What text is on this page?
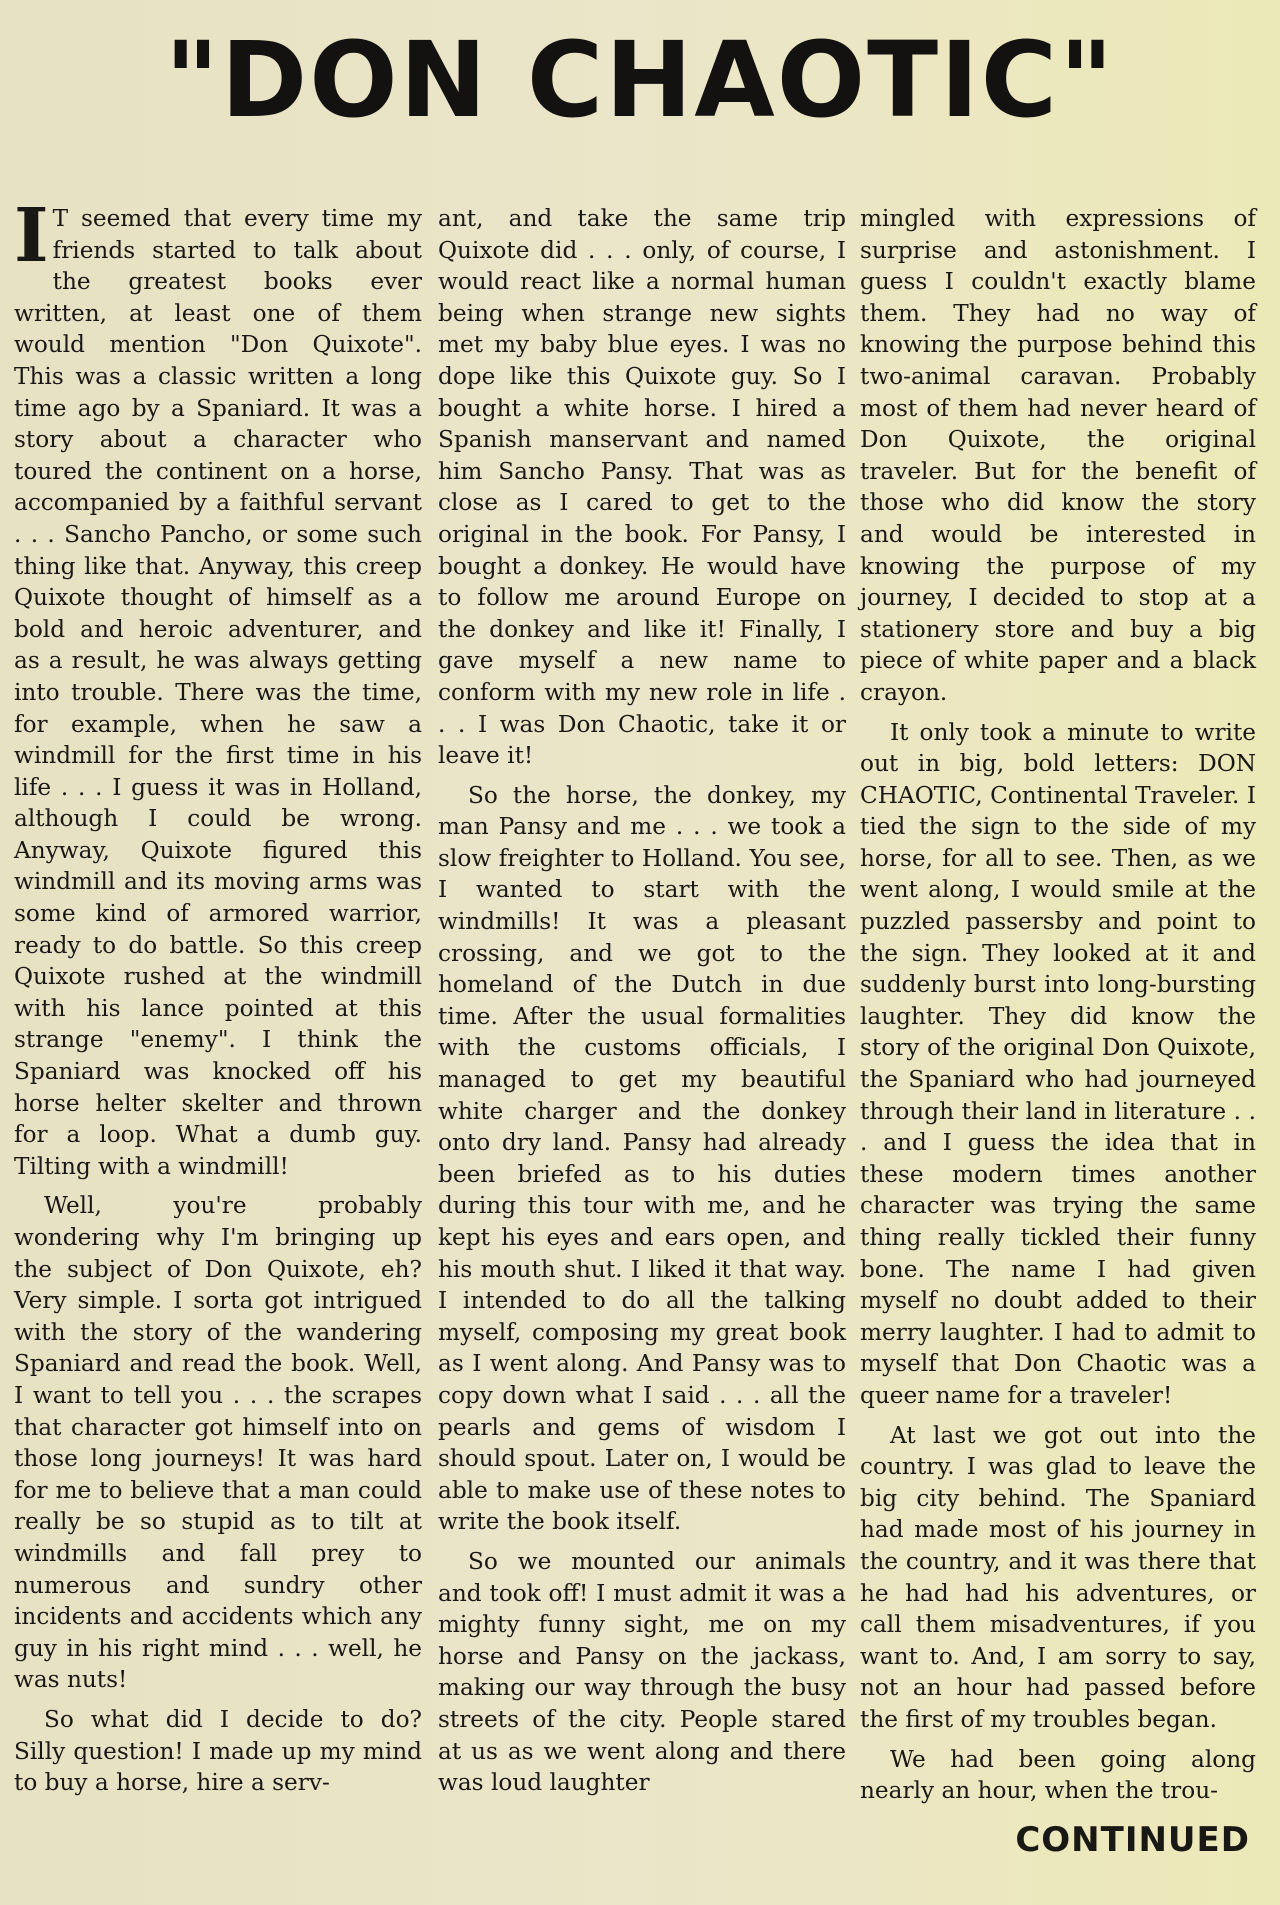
"DON CHAOTIC"

I T seemed that every time my friends started to talk about the greatest books ever written, at least one of them would mention "Don Quixote". This was a classic written a long time ago by a Spaniard. It was a story about a character who toured the continent on a horse, accompanied by a faithful servant . . . Sancho Pancho, or some such thing like that. Anyway, this creep Quixote thought of himself as a bold and heroic adventurer, and as a result, he was always getting into trouble. There was the time, for example, when he saw a windmill for the first time in his life . . . I guess it was in Holland, although I could be wrong. Anyway, Quixote figured this windmill and its moving arms was some kind of armored warrior, ready to do battle. So this creep Quixote rushed at the windmill with his lance pointed at this strange "enemy". I think the Spaniard was knocked off his horse helter skelter and thrown for a loop. What a dumb guy. Tilting with a windmill!

Well, you're probably wondering why I'm bringing up the subject of Don Quixote, eh? Very simple. I sorta got intrigued with the story of the wandering Spaniard and read the book. Well, I want to tell you . . . the scrapes that character got himself into on those long journeys! It was hard for me to believe that a man could really be so stupid as to tilt at windmills and fall prey to numerous and sundry other incidents and accidents which any guy in his right mind . . . well, he was nuts!

So what did I decide to do? Silly question! I made up my mind to buy a horse, hire a serv-

ant, and take the same trip Quixote did . . . only, of course, I would react like a normal human being when strange new sights met my baby blue eyes. I was no dope like this Quixote guy. So I bought a white horse. I hired a Spanish manservant and named him Sancho Pansy. That was as close as I cared to get to the original in the book. For Pansy, I bought a donkey. He would have to follow me around Europe on the donkey and like it! Finally, I gave myself a new name to conform with my new role in life . . . I was Don Chaotic, take it or leave it!

So the horse, the donkey, my man Pansy and me . . . we took a slow freighter to Holland. You see, I wanted to start with the windmills! It was a pleasant crossing, and we got to the homeland of the Dutch in due time. After the usual formalities with the customs officials, I managed to get my beautiful white charger and the donkey onto dry land. Pansy had already been briefed as to his duties during this tour with me, and he kept his eyes and ears open, and his mouth shut. I liked it that way. I intended to do all the talking myself, composing my great book as I went along. And Pansy was to copy down what I said . . . all the pearls and gems of wisdom I should spout. Later on, I would be able to make use of these notes to write the book itself.

So we mounted our animals and took off! I must admit it was a mighty funny sight, me on my horse and Pansy on the jackass, making our way through the busy streets of the city. People stared at us as we went along and there was loud laughter

mingled with expressions of surprise and astonishment. I guess I couldn't exactly blame them. They had no way of knowing the purpose behind this two-animal caravan. Probably most of them had never heard of Don Quixote, the original traveler. But for the benefit of those who did know the story and would be interested in knowing the purpose of my journey, I decided to stop at a stationery store and buy a big piece of white paper and a black crayon.

It only took a minute to write out in big, bold letters: DON CHAOTIC, Continental Traveler. I tied the sign to the side of my horse, for all to see. Then, as we went along, I would smile at the puzzled passersby and point to the sign. They looked at it and suddenly burst into long-bursting laughter. They did know the story of the original Don Quixote, the Spaniard who had journeyed through their land in literature . . . and I guess the idea that in these modern times another character was trying the same thing really tickled their funny bone. The name I had given myself no doubt added to their merry laughter. I had to admit to myself that Don Chaotic was a queer name for a traveler!

At last we got out into the country. I was glad to leave the big city behind. The Spaniard had made most of his journey in the country, and it was there that he had had his adventures, or call them misadventures, if you want to. And, I am sorry to say, not an hour had passed before the first of my troubles began.

We had been going along nearly an hour, when the trou-

CONTINUED
